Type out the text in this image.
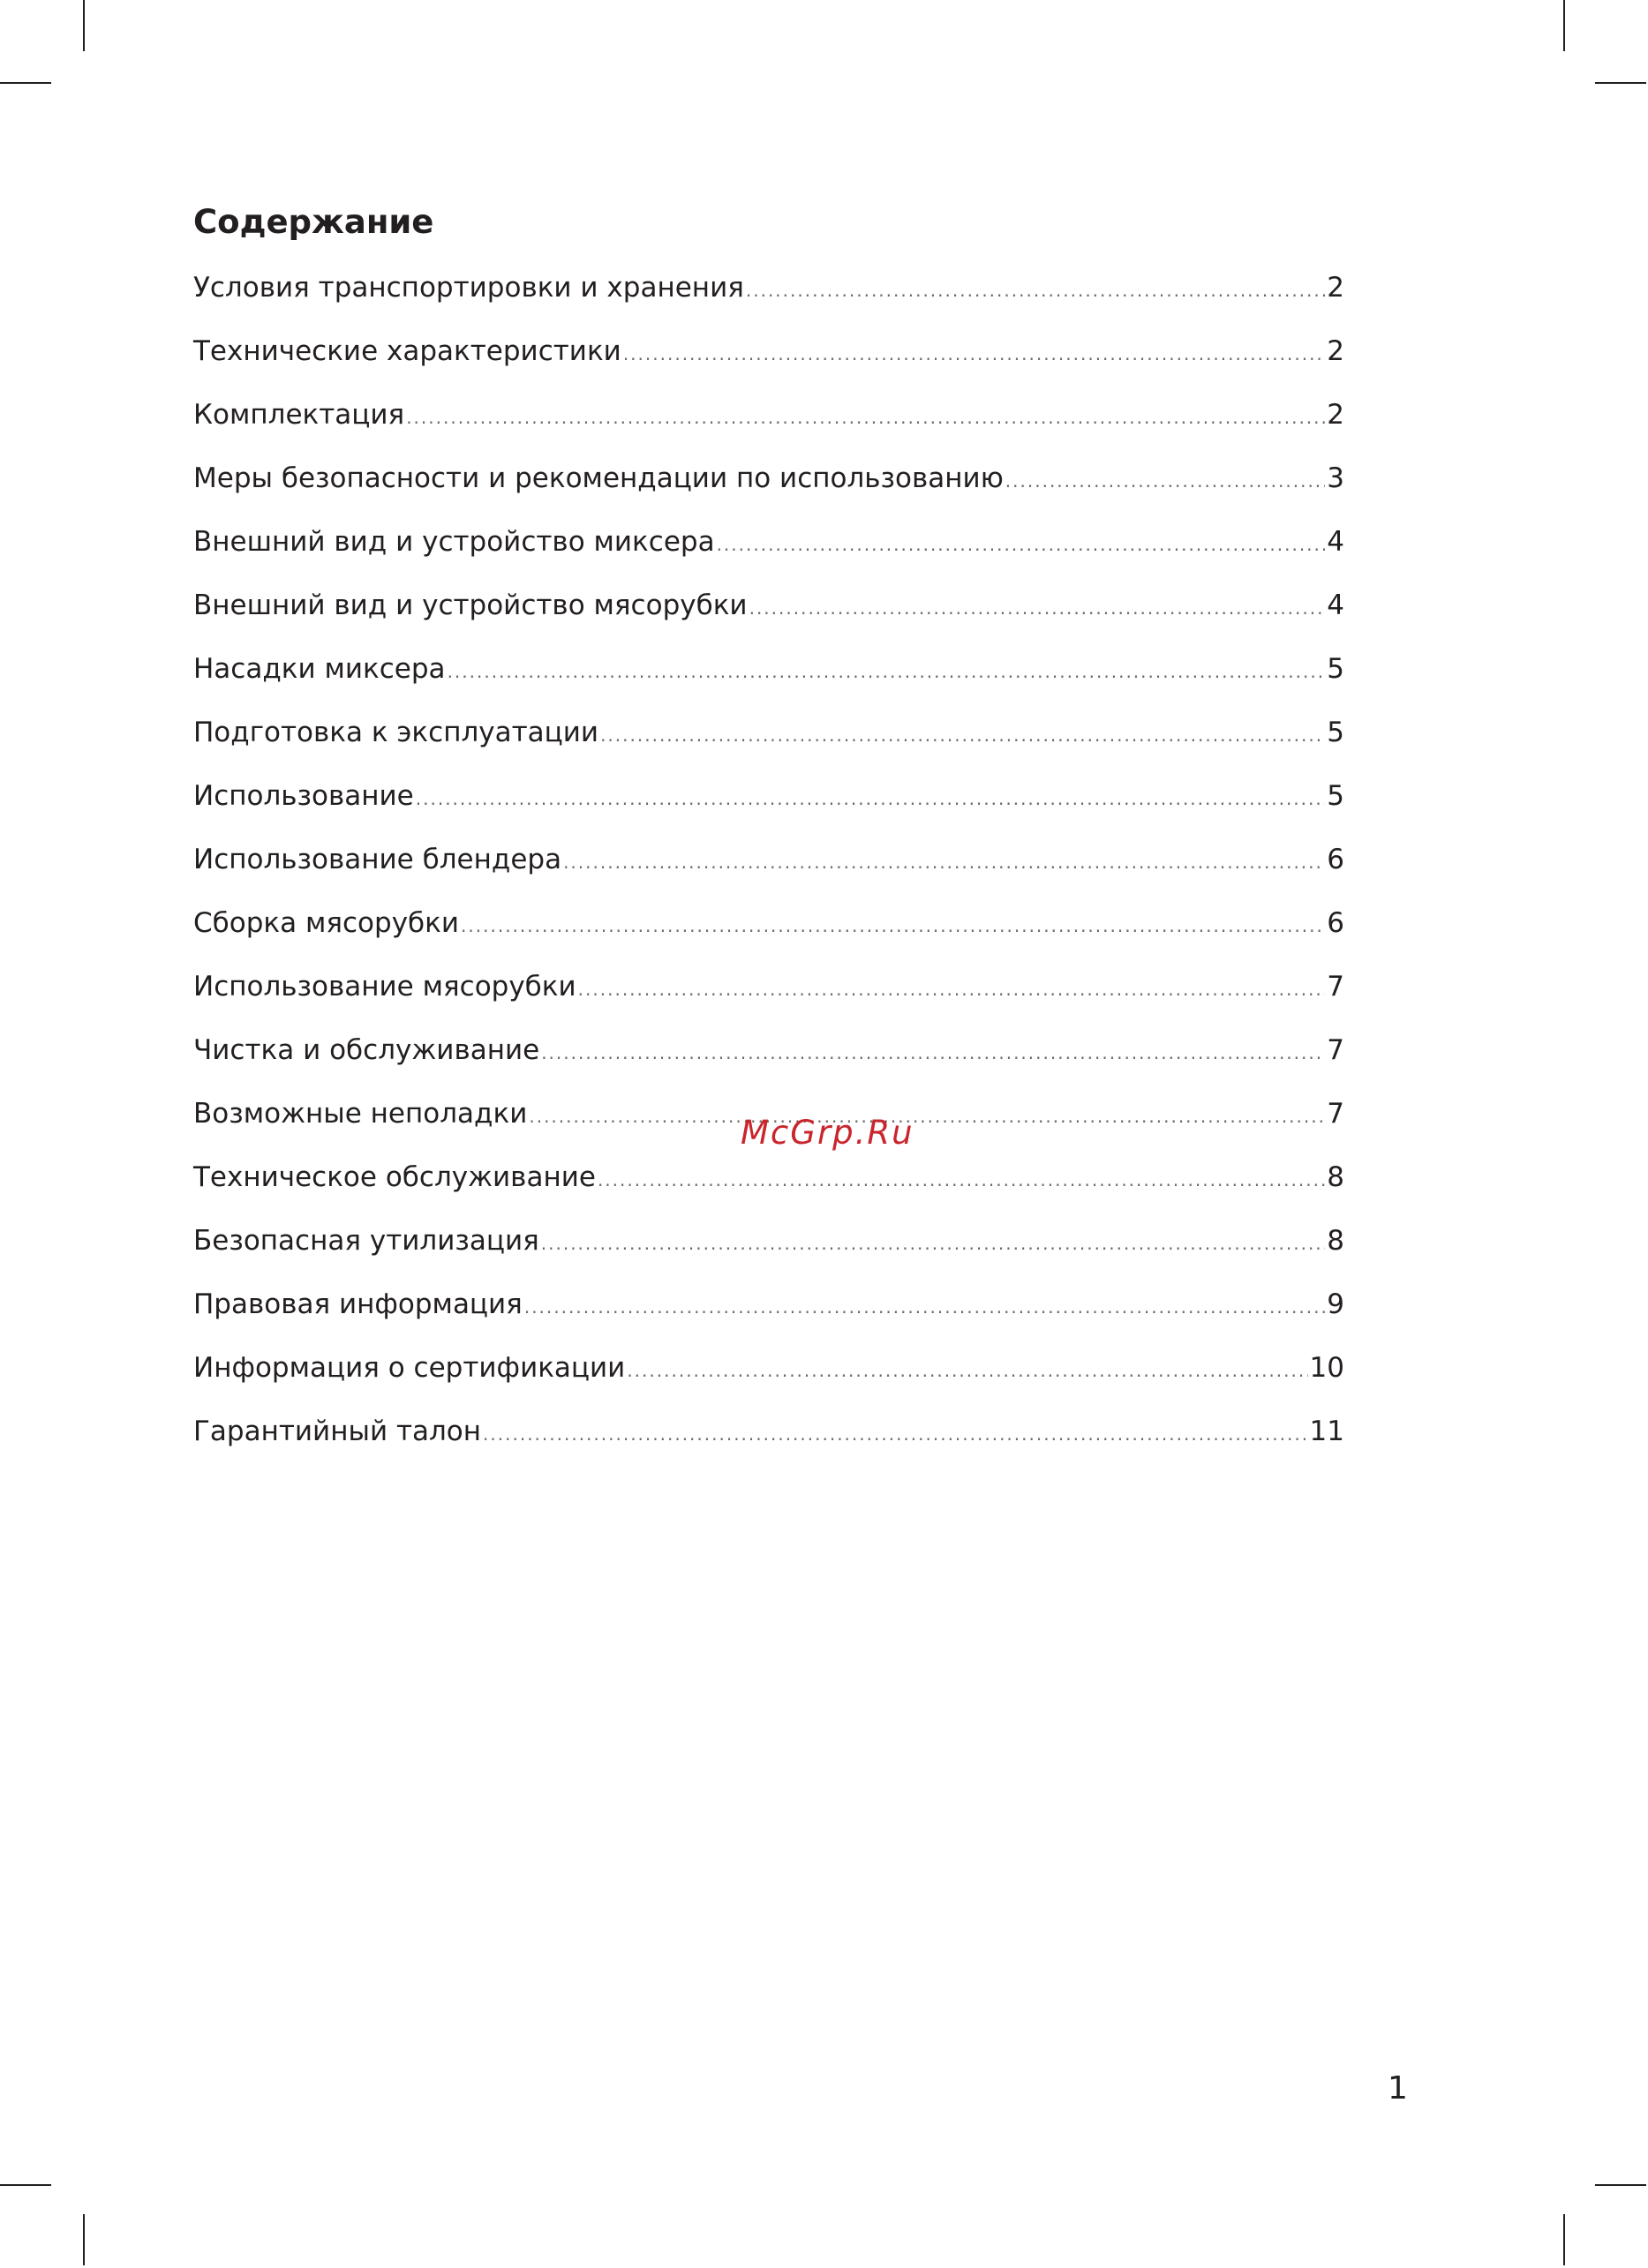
Содержание
Условия транспортировки и хранения .....	2
Технические характеристики .....	2
Комплектация .....	2
Меры безопасности и рекомендации по использованию .....	3
Внешний вид и устройство миксера .....	4
Внешний вид и устройство мясорубки .....	4
Насадки миксера .....	5
Подготовка к эксплуатации .....	5
Использование .....	5
Использование блендера .....	6
Сборка мясорубки .....	6
Использование мясорубки .....	7
Чистка и обслуживание .....	7
Возможные неполадки .....	7
Техническое обслуживание .....	8
Безопасная утилизация .....	8
Правовая информация .....	9
Информация о сертификации .....	10
Гарантийный талон .....	11
McGrp.Ru
1
